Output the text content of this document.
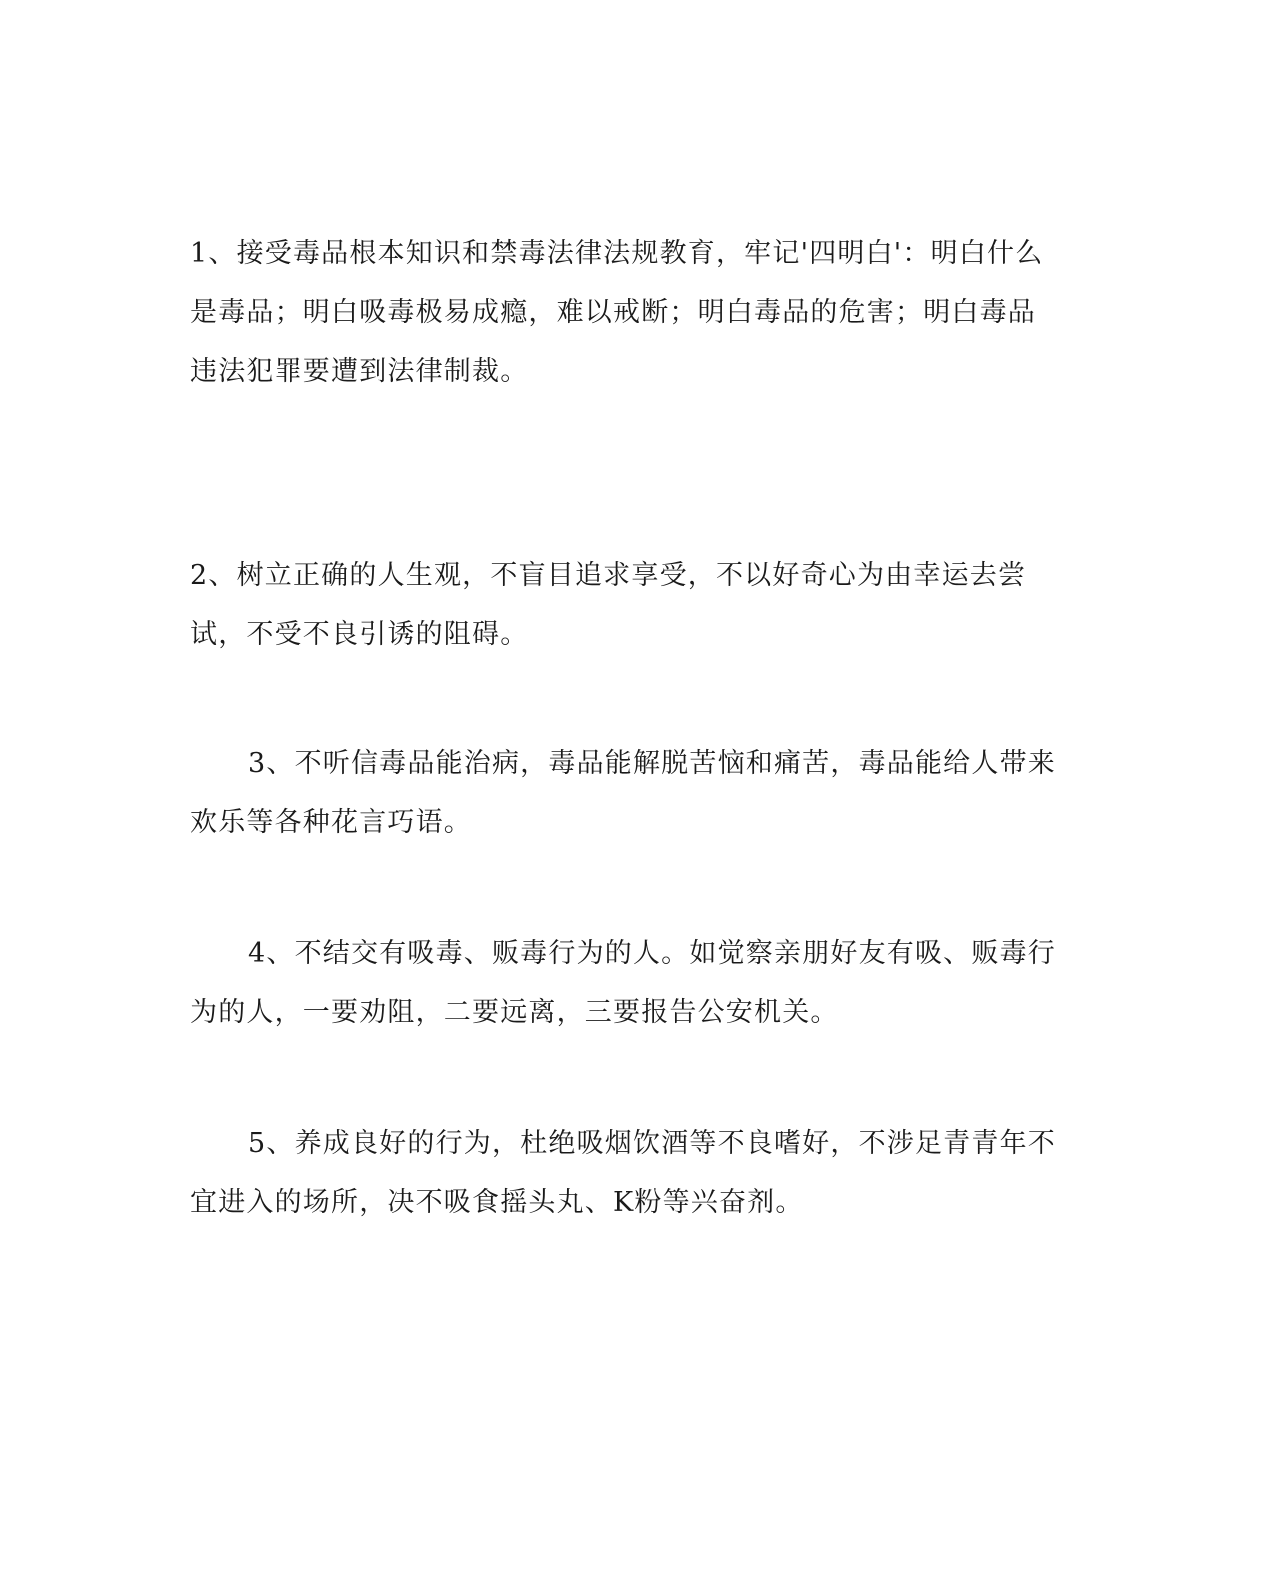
1、接受毒品根本知识和禁毒法律法规教育，牢记'四明白'：明白什么是毒品；明白吸毒极易成瘾，难以戒断；明白毒品的危害；明白毒品违法犯罪要遭到法律制裁。

2、树立正确的人生观，不盲目追求享受，不以好奇心为由幸运去尝试，不受不良引诱的阻碍。

3、不听信毒品能治病，毒品能解脱苦恼和痛苦，毒品能给人带来欢乐等各种花言巧语。

4、不结交有吸毒、贩毒行为的人。如觉察亲朋好友有吸、贩毒行为的人，一要劝阻，二要远离，三要报告公安机关。

5、养成良好的行为，杜绝吸烟饮酒等不良嗜好，不涉足青青年不宜进入的场所，决不吸食摇头丸、K粉等兴奋剂。
